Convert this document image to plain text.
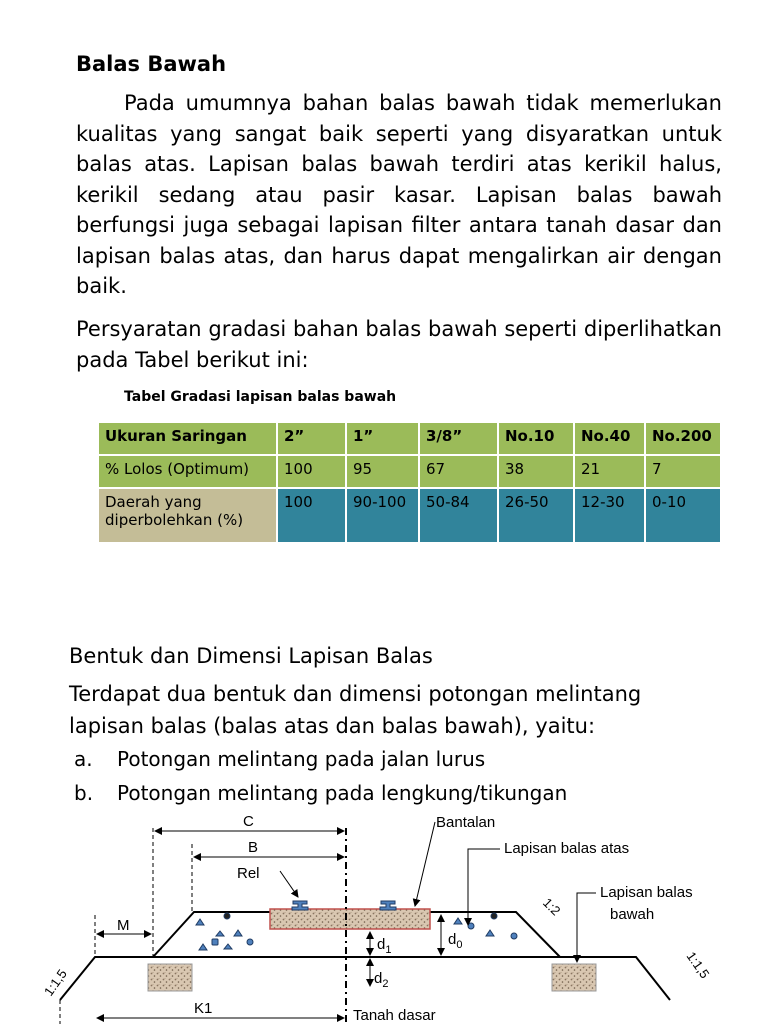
Balas Bawah
Pada umumnya bahan balas bawah tidak memerlukan kualitas yang sangat baik seperti yang disyaratkan untuk balas atas. Lapisan balas bawah terdiri atas kerikil halus, kerikil sedang atau pasir kasar. Lapisan balas bawah berfungsi juga sebagai lapisan filter antara tanah dasar dan lapisan balas atas, dan harus dapat mengalirkan air dengan baik.
Persyaratan gradasi bahan balas bawah seperti diperlihatkan pada Tabel berikut ini:
Tabel Gradasi lapisan balas bawah
Ukuran Saringan	2”	1”	3/8”	No.10	No.40	No.200
% Lolos (Optimum)	100	95	67	38	21	7
Daerah yang diperbolehkan (%)	100	90-100	50-84	26-50	12-30	0-10
Bentuk dan Dimensi Lapisan Balas
Terdapat dua bentuk dan dimensi potongan melintang lapisan balas (balas atas dan balas bawah), yaitu:
a. Potongan melintang pada jalan lurus
b. Potongan melintang pada lengkung/tikungan
C
B
M
K1
Rel
$d_1$
$d_2$
$d_0$
Bantalan
Lapisan balas atas
Lapisan balas
bawah
Tanah dasar
1:2
1:1,5
1:1,5
